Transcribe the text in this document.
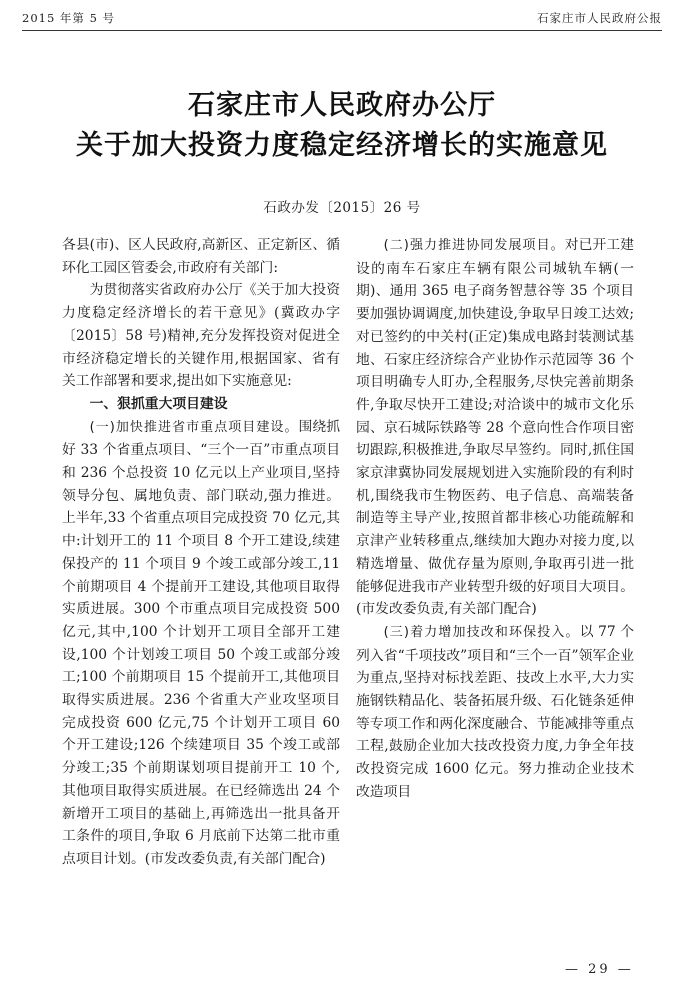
2015 年第 5 号	石家庄市人民政府公报
石家庄市人民政府办公厅
关于加大投资力度稳定经济增长的实施意见
石政办发〔2015〕26 号

各县(市)、区人民政府,高新区、正定新区、循环化工园区管委会,市政府有关部门:

为贯彻落实省政府办公厅《关于加大投资力度稳定经济增长的若干意见》(冀政办字〔2015〕58 号)精神,充分发挥投资对促进全市经济稳定增长的关键作用,根据国家、省有关工作部署和要求,提出如下实施意见:

一、狠抓重大项目建设

(一)加快推进省市重点项目建设。围绕抓好 33 个省重点项目、“三个一百”市重点项目和 236 个总投资 10 亿元以上产业项目,坚持领导分包、属地负责、部门联动,强力推进。上半年,33 个省重点项目完成投资 70 亿元,其中:计划开工的 11 个项目 8 个开工建设,续建保投产的 11 个项目 9 个竣工或部分竣工,11 个前期项目 4 个提前开工建设,其他项目取得实质进展。300 个市重点项目完成投资 500 亿元,其中,100 个计划开工项目全部开工建设,100 个计划竣工项目 50 个竣工或部分竣工;100 个前期项目 15 个提前开工,其他项目取得实质进展。236 个省重大产业攻坚项目完成投资 600 亿元,75 个计划开工项目 60 个开工建设;126 个续建项目 35 个竣工或部分竣工;35 个前期谋划项目提前开工 10 个,其他项目取得实质进展。在已经筛选出 24 个新增开工项目的基础上,再筛选出一批具备开工条件的项目,争取 6 月底前下达第二批市重点项目计划。(市发改委负责,有关部门配合)

(二)强力推进协同发展项目。对已开工建设的南车石家庄车辆有限公司城轨车辆(一期)、通用 365 电子商务智慧谷等 35 个项目要加强协调调度,加快建设,争取早日竣工达效;对已签约的中关村(正定)集成电路封装测试基地、石家庄经济综合产业协作示范园等 36 个项目明确专人盯办,全程服务,尽快完善前期条件,争取尽快开工建设;对洽谈中的城市文化乐园、京石城际铁路等 28 个意向性合作项目密切跟踪,积极推进,争取尽早签约。同时,抓住国家京津冀协同发展规划进入实施阶段的有利时机,围绕我市生物医药、电子信息、高端装备制造等主导产业,按照首都非核心功能疏解和京津产业转移重点,继续加大跑办对接力度,以精选增量、做优存量为原则,争取再引进一批能够促进我市产业转型升级的好项目大项目。(市发改委负责,有关部门配合)

(三)着力增加技改和环保投入。以 77 个列入省“千项技改”项目和“三个一百”领军企业为重点,坚持对标找差距、技改上水平,大力实施钢铁精品化、装备拓展升级、石化链条延伸等专项工作和两化深度融合、节能减排等重点工程,鼓励企业加大技改投资力度,力争全年技改投资完成 1600 亿元。努力推动企业技术改造项目

— 29 —
